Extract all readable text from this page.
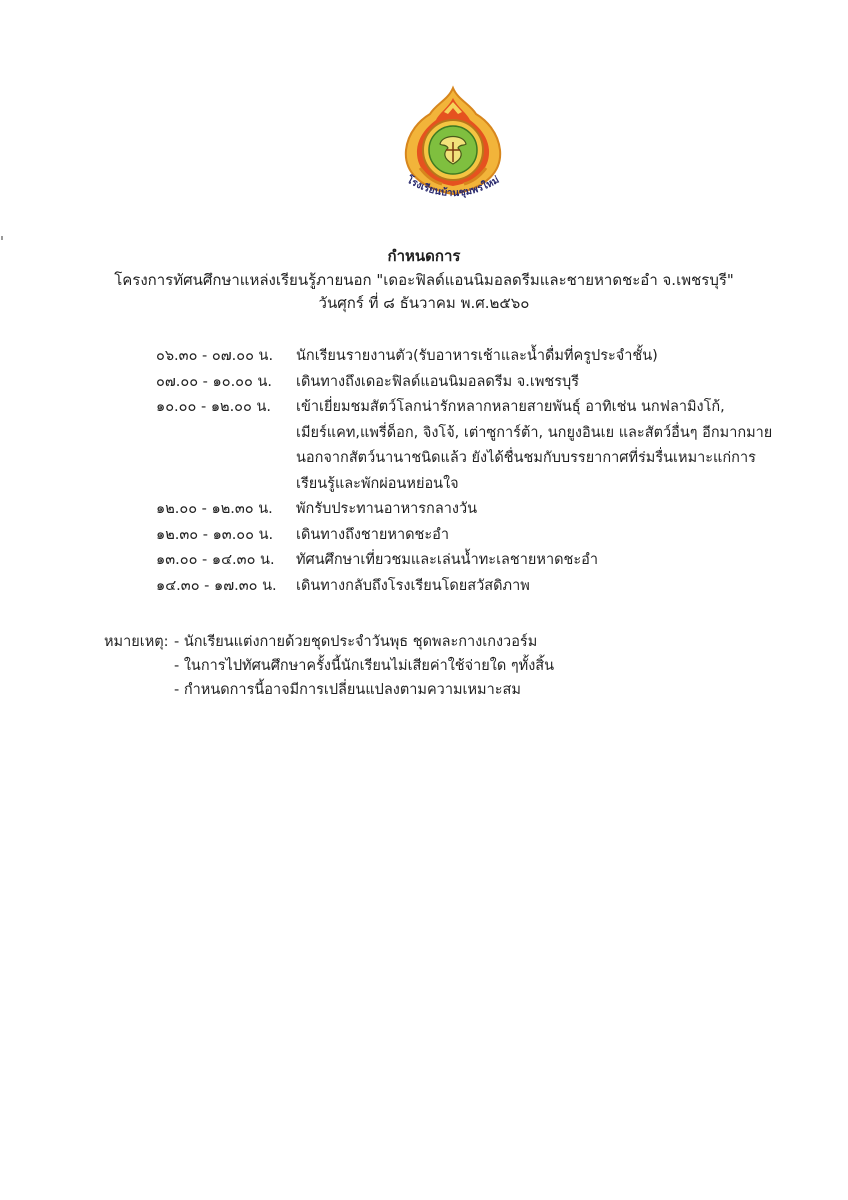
โรงเรียนบ้านชุมพรใหม่
กำหนดการ
โครงการทัศนศึกษาแหล่งเรียนรู้ภายนอก "เดอะฟิลด์แอนนิมอลดรีมและชายหาดชะอำ จ.เพชรบุรี"
วันศุกร์ ที่ ๘ ธันวาคม พ.ศ.๒๕๖๐
๐๖.๓๐ - ๐๗.๐๐ น.	นักเรียนรายงานตัว(รับอาหารเช้าและน้ำดื่มที่ครูประจำชั้น)
๐๗.๐๐ - ๑๐.๐๐ น.	เดินทางถึงเดอะฟิลด์แอนนิมอลดรีม จ.เพชรบุรี
๑๐.๐๐ - ๑๒.๐๐ น.	เข้าเยี่ยมชมสัตว์โลกน่ารักหลากหลายสายพันธุ์ อาทิเช่น นกฟลามิงโก้,
เมียร์แคท,แพรี่ด็อก, จิงโจ้, เต่าซูการ์ต้า, นกยูงอินเย และสัตว์อื่นๆ อีกมากมาย
นอกจากสัตว์นานาชนิดแล้ว ยังได้ชื่นชมกับบรรยากาศที่ร่มรื่นเหมาะแก่การ
เรียนรู้และพักผ่อนหย่อนใจ
๑๒.๐๐ - ๑๒.๓๐ น.	พักรับประทานอาหารกลางวัน
๑๒.๓๐ - ๑๓.๐๐ น.	เดินทางถึงชายหาดชะอำ
๑๓.๐๐ - ๑๔.๓๐ น.	ทัศนศึกษาเที่ยวชมและเล่นน้ำทะเลชายหาดชะอำ
๑๔.๓๐ - ๑๗.๓๐ น.	เดินทางกลับถึงโรงเรียนโดยสวัสดิภาพ
หมายเหตุ: - นักเรียนแต่งกายด้วยชุดประจำวันพุธ ชุดพละกางเกงวอร์ม
- ในการไปทัศนศึกษาครั้งนี้นักเรียนไม่เสียค่าใช้จ่ายใด ๆทั้งสิ้น
- กำหนดการนี้อาจมีการเปลี่ยนแปลงตามความเหมาะสม
